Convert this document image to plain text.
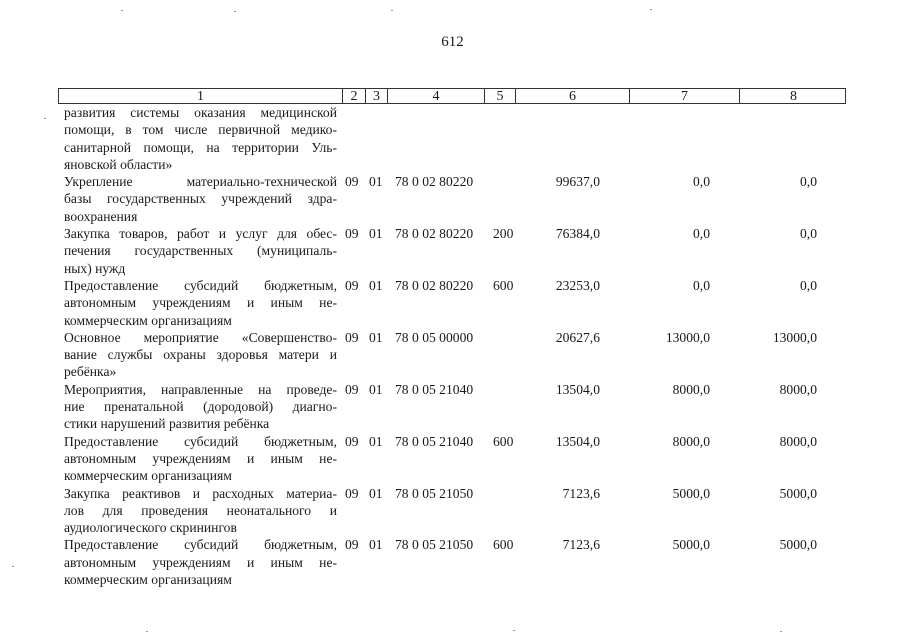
612
1	2	3	4	5	6	7	8
развития системы оказания медицинской
помощи, в том числе первичной медико-
санитарной помощи, на территории Уль-
яновской области»
Укрепление материально-технической
базы государственных учреждений здра-
воохранения
09 01 78 0 02 80220	99637,0	0,0	0,0
Закупка товаров, работ и услуг для обес-
печения государственных (муниципаль-
ных) нужд
09 01 78 0 02 80220 200	76384,0	0,0	0,0
Предоставление субсидий бюджетным,
автономным учреждениям и иным не-
коммерческим организациям
09 01 78 0 02 80220 600	23253,0	0,0	0,0
Основное мероприятие «Совершенство-
вание службы охраны здоровья матери и
ребёнка»
09 01 78 0 05 00000	20627,6	13000,0	13000,0
Мероприятия, направленные на проведе-
ние пренатальной (дородовой) диагно-
стики нарушений развития ребёнка
09 01 78 0 05 21040	13504,0	8000,0	8000,0
Предоставление субсидий бюджетным,
автономным учреждениям и иным не-
коммерческим организациям
09 01 78 0 05 21040 600	13504,0	8000,0	8000,0
Закупка реактивов и расходных материа-
лов для проведения неонатального и
аудиологического скринингов
09 01 78 0 05 21050	7123,6	5000,0	5000,0
Предоставление субсидий бюджетным,
автономным учреждениям и иным не-
коммерческим организациям
09 01 78 0 05 21050 600	7123,6	5000,0	5000,0
